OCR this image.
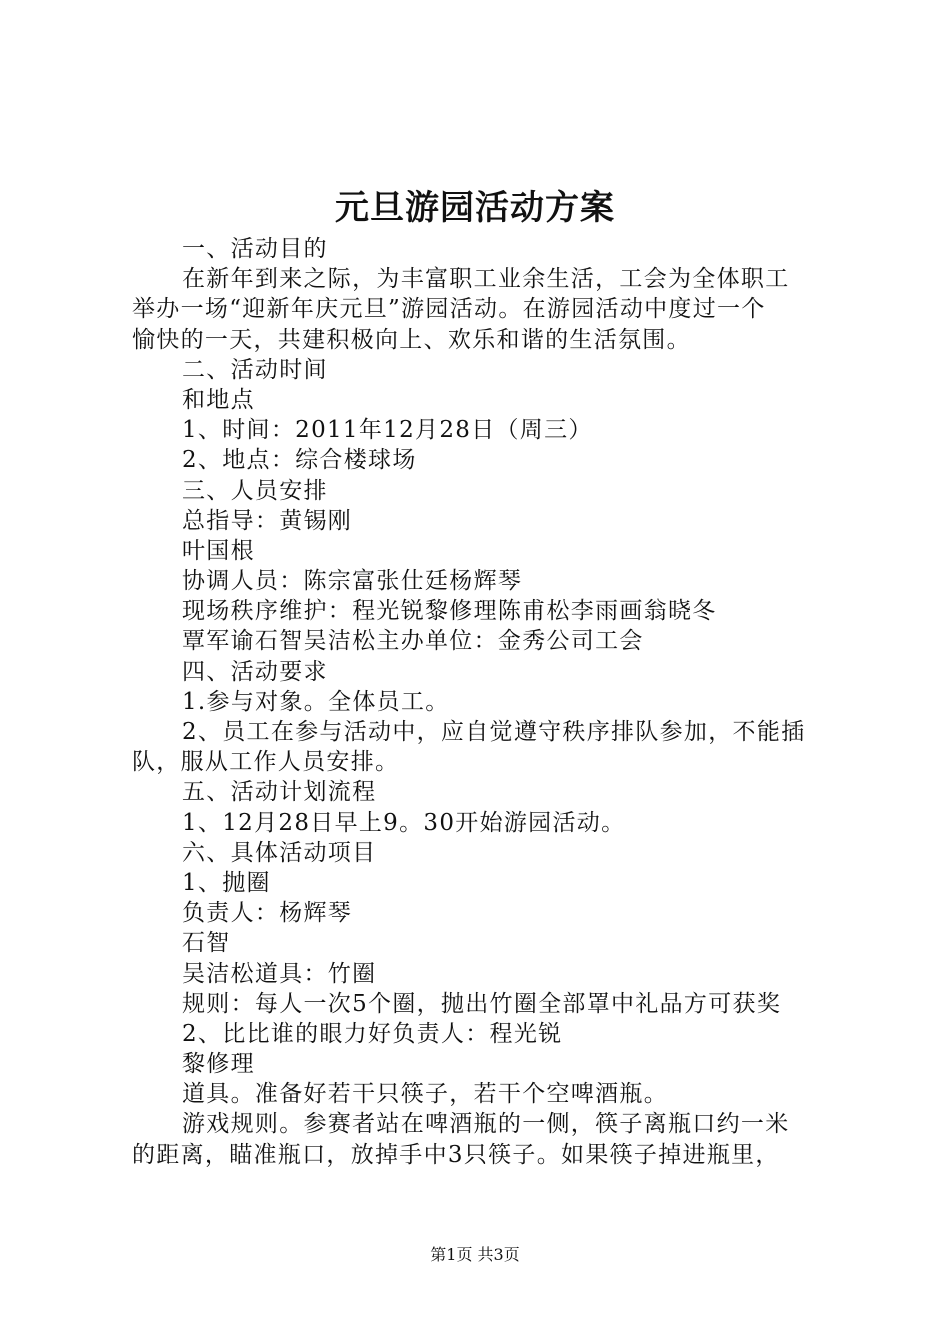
元旦游园活动方案
一、活动目的
在新年到来之际，为丰富职工业余生活，工会为全体职工
举办一场“迎新年庆元旦”游园活动。在游园活动中度过一个
愉快的一天，共建积极向上、欢乐和谐的生活氛围。
二、活动时间
和地点
1、时间：2011年12月28日（周三）
2、地点：综合楼球场
三、人员安排
总指导：黄锡刚
叶国根
协调人员：陈宗富张仕廷杨辉琴
现场秩序维护：程光锐黎修理陈甫松李雨画翁晓冬
覃军谕石智吴洁松主办单位：金秀公司工会
四、活动要求
1.参与对象。全体员工。
2、员工在参与活动中，应自觉遵守秩序排队参加，不能插
队，服从工作人员安排。
五、活动计划流程
1、12月28日早上9。30开始游园活动。
六、具体活动项目
1、抛圈
负责人：杨辉琴
石智
吴洁松道具：竹圈
规则：每人一次5个圈，抛出竹圈全部罩中礼品方可获奖
2、比比谁的眼力好负责人：程光锐
黎修理
道具。准备好若干只筷子，若干个空啤酒瓶。
游戏规则。参赛者站在啤酒瓶的一侧，筷子离瓶口约一米
的距离，瞄准瓶口，放掉手中3只筷子。如果筷子掉进瓶里，
第1页 共3页
